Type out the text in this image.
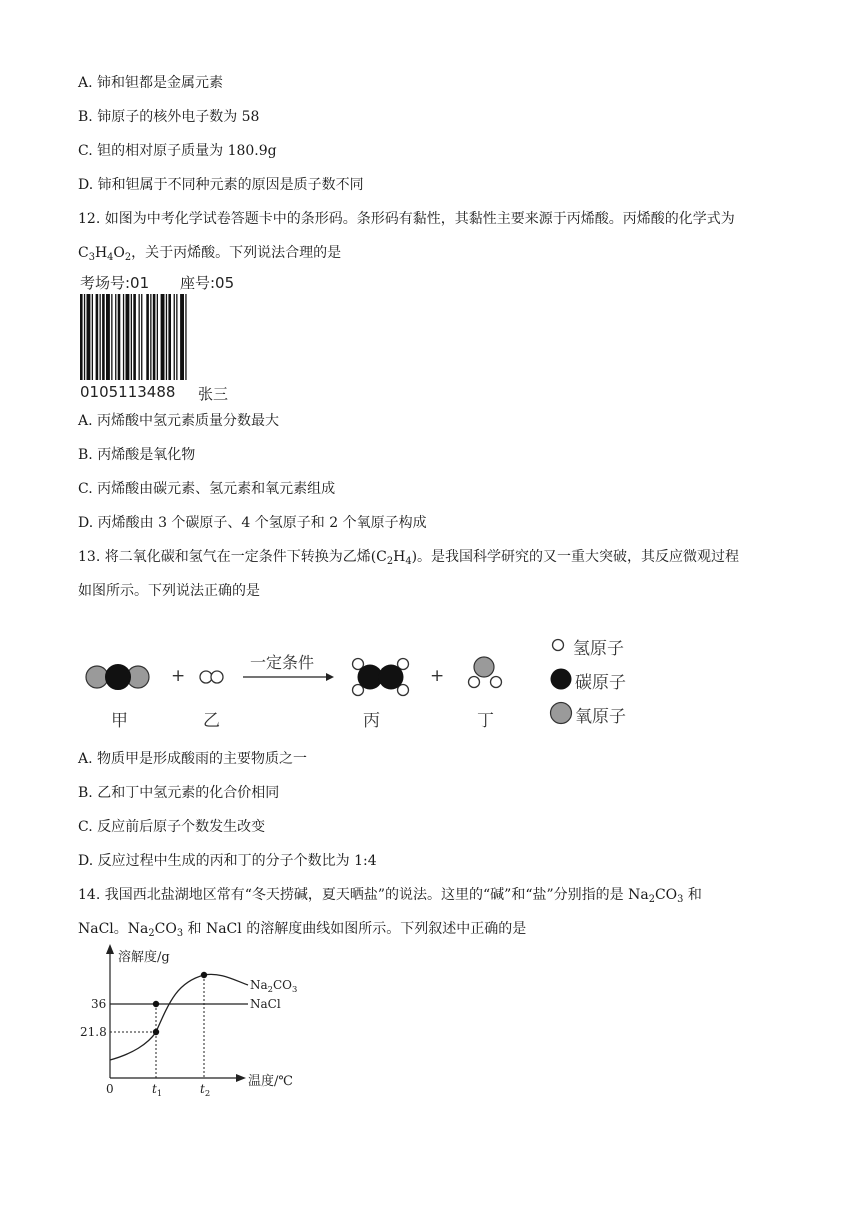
A. 铈和钽都是金属元素
B. 铈原子的核外电子数为 58
C. 钽的相对原子质量为 180.9g
D. 铈和钽属于不同种元素的原因是质子数不同
12. 如图为中考化学试卷答题卡中的条形码。条形码有黏性，其黏性主要来源于丙烯酸。丙烯酸的化学式为
$C_3H_4O_2$，关于丙烯酸。下列说法合理的是
考场号:01 座号:05
0105113488 张三
A. 丙烯酸中氢元素质量分数最大
B. 丙烯酸是氧化物
C. 丙烯酸由碳元素、氢元素和氧元素组成
D. 丙烯酸由 3 个碳原子、4 个氢原子和 2 个氧原子构成
13. 将二氧化碳和氢气在一定条件下转换为乙烯$(C_2H_4)$。是我国科学研究的又一重大突破，其反应微观过程
如图所示。下列说法正确的是
一定条件
+	+
甲	乙	丙	丁
氢原子
碳原子
氧原子
A. 物质甲是形成酸雨的主要物质之一
B. 乙和丁中氢元素的化合价相同
C. 反应前后原子个数发生改变
D. 反应过程中生成的丙和丁的分子个数比为 1:4
14. 我国西北盐湖地区常有“冬天捞碱，夏天晒盐”的说法。这里的“碱”和“盐”分别指的是 $Na_2CO_3$ 和
NaCl。$Na_2CO_3$ 和 NaCl 的溶解度曲线如图所示。下列叙述中正确的是
溶解度/g
温度/℃
36
21.8
0	$t_1$	$t_2$
$Na_2CO_3$
NaCl
